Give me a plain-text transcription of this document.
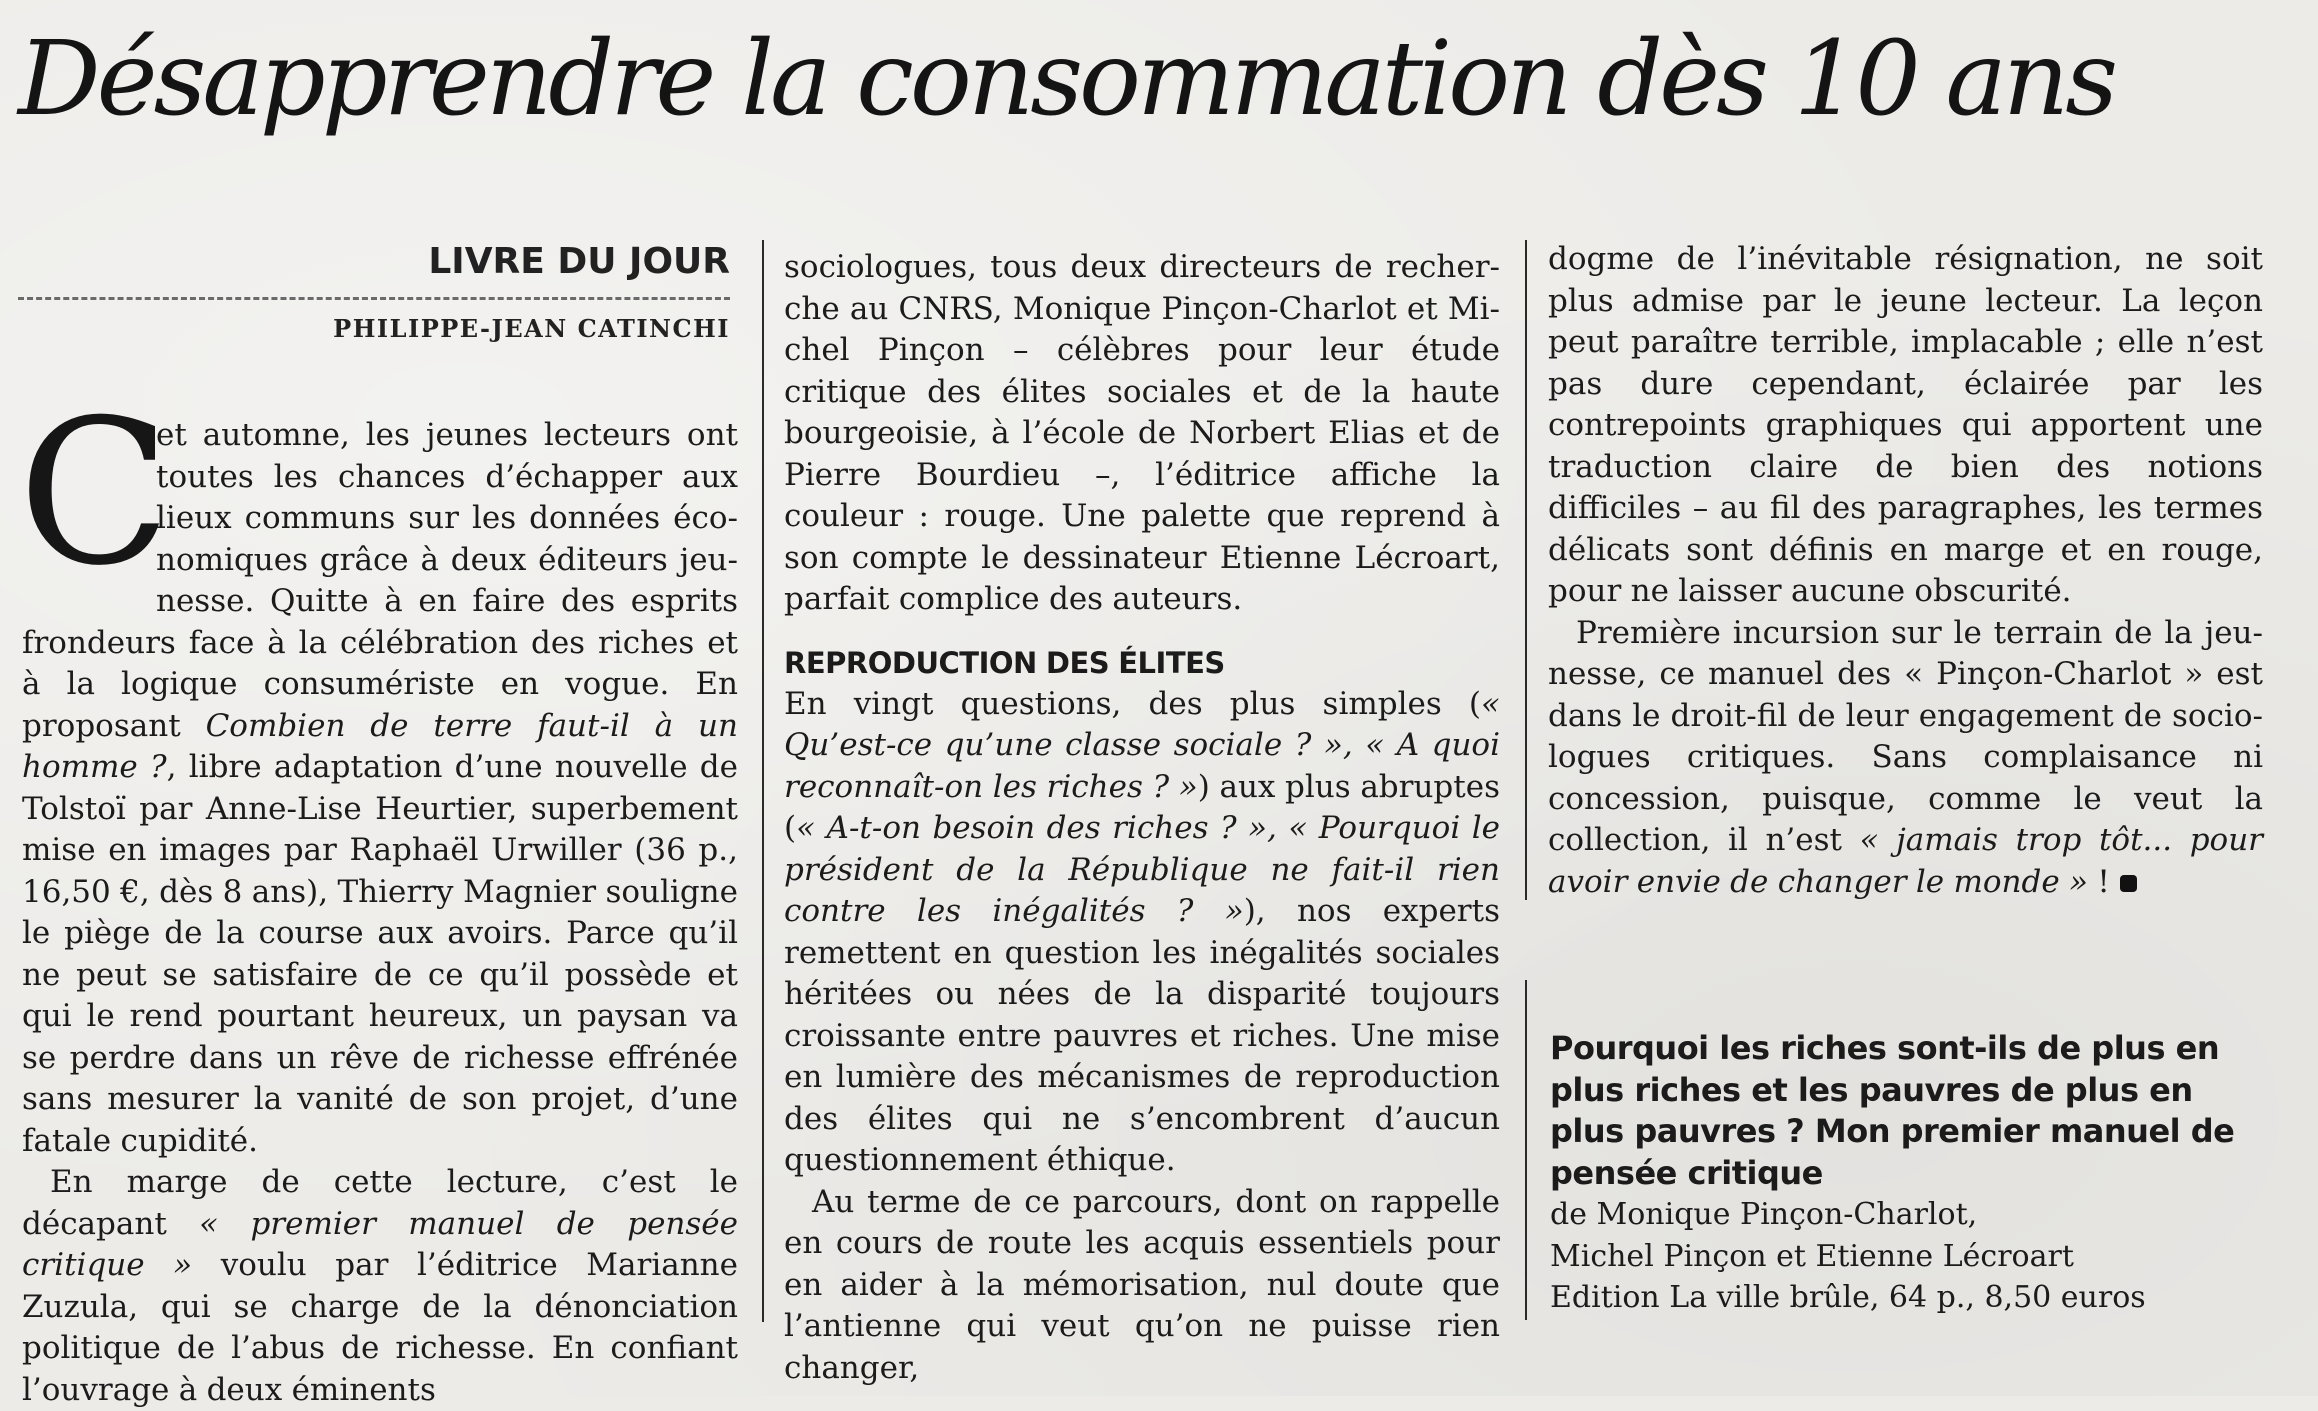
Désapprendre la consommation dès 10 ans
LIVRE DU JOUR
PHILIPPE-JEAN CATINCHI
C

et automne, les jeunes lecteurs ont toutes les chances d’échapper aux lieux communs sur les données économiques grâce à deux éditeurs jeunesse. Quitte à en faire des esprits frondeurs face à la célébration des riches et à la logique consumériste en vogue. En proposant Combien de terre faut-il à un homme ?, libre adaptation d’une nouvelle de Tolstoï par Anne-Lise Heurtier, superbement mise en images par Raphaël Urwiller (36 p., 16,50 €, dès 8 ans), Thierry Magnier souligne le piège de la course aux avoirs. Parce qu’il ne peut se satisfaire de ce qu’il possède et qui le rend pourtant heureux, un paysan va se perdre dans un rêve de richesse effrénée sans mesurer la vanité de son projet, d’une fatale cupidité.

En marge de cette lecture, c’est le décapant « premier manuel de pensée critique » voulu par l’éditrice Marianne Zuzula, qui se charge de la dénonciation politique de l’abus de richesse. En confiant l’ouvrage à deux éminents

sociologues, tous deux directeurs de recherche au CNRS, Monique Pinçon-Charlot et Michel Pinçon – célèbres pour leur étude critique des élites sociales et de la haute bourgeoisie, à l’école de Norbert Elias et de Pierre Bourdieu –, l’éditrice affiche la couleur : rouge. Une palette que reprend à son compte le dessinateur Etienne Lécroart, parfait complice des auteurs.

REPRODUCTION DES ÉLITES

En vingt questions, des plus simples (« Qu’est-ce qu’une classe sociale ? », « A quoi reconnaît-on les riches ? ») aux plus abruptes (« A-t-on besoin des riches ? », « Pourquoi le président de la République ne fait-il rien contre les inégalités ? »), nos experts remettent en question les inégalités sociales héritées ou nées de la disparité toujours croissante entre pauvres et riches. Une mise en lumière des mécanismes de reproduction des élites qui ne s’encombrent d’aucun questionnement éthique.

Au terme de ce parcours, dont on rappelle en cours de route les acquis essentiels pour en aider à la mémorisation, nul doute que l’antienne qui veut qu’on ne puisse rien changer,

dogme de l’inévitable résignation, ne soit plus admise par le jeune lecteur. La leçon peut paraître terrible, implacable ; elle n’est pas dure cependant, éclairée par les contrepoints graphiques qui apportent une traduction claire de bien des notions difficiles – au fil des paragraphes, les termes délicats sont définis en marge et en rouge, pour ne laisser aucune obscurité.

Première incursion sur le terrain de la jeunesse, ce manuel des « Pinçon-Charlot » est dans le droit-fil de leur engagement de sociologues critiques. Sans complaisance ni concession, puisque, comme le veut la collection, il n’est « jamais trop tôt... pour avoir envie de changer le monde » !

Pourquoi les riches sont-ils de plus en plus riches et les pauvres de plus en plus pauvres ? Mon premier manuel de pensée critique
de Monique Pinçon-Charlot,
Michel Pinçon et Etienne Lécroart
Edition La ville brûle, 64 p., 8,50 euros
